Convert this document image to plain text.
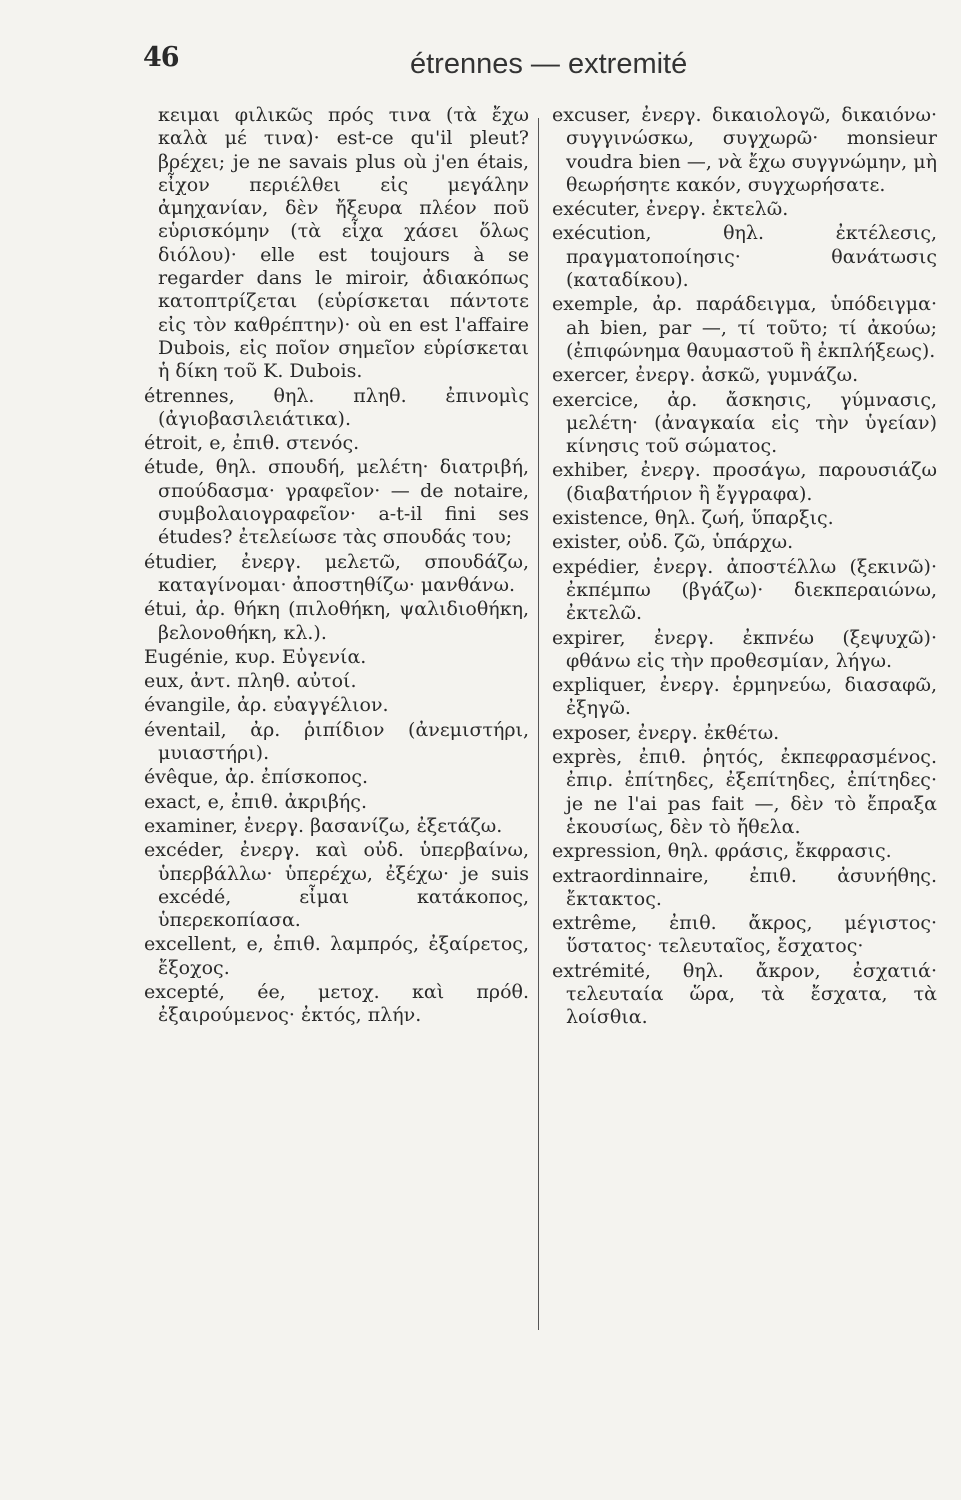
46	étrennes — extremité

κειμαι φιλικῶς πρός τινα (τὰ ἔχω καλὰ μέ τινα)· est-ce qu'il pleut? βρέχει; je ne savais plus où j'en étais, εἶχον περιέλθει εἰς μεγάλην ἀμηχανίαν, δὲν ἤξευρα πλέον ποῦ εὑρισκόμην (τὰ εἶχα χάσει ὅλως διόλου)· elle est toujours à se regarder dans le miroir, ἀδιακόπως κατοπτρίζεται (εὑρίσκεται πάντοτε εἰς τὸν καθρέπτην)· où en est l'affaire Dubois, εἰς ποῖον σημεῖον εὑρίσκεται ἡ δίκη τοῦ Κ. Dubois.

étrennes, θηλ. πληθ. ἐπινομὶς (ἀγιοβασιλειάτικα).

étroit, e, ἐπιθ. στενός.

étude, θηλ. σπουδή, μελέτη· διατριβή, σπούδασμα· γραφεῖον· — de notaire, συμβολαιογραφεῖον· a-t-il fini ses études? ἐτελείωσε τὰς σπουδάς του;

étudier, ἐνεργ. μελετῶ, σπουδάζω, καταγίνομαι· ἀποστηθίζω· μανθάνω.

étui, ἀρ. θήκη (πιλοθήκη, ψαλιδιοθήκη, βελονοθήκη, κλ.).

Eugénie, κυρ. Εὐγενία.

eux, ἀντ. πληθ. αὐτοί.

évangile, ἀρ. εὐαγγέλιον.

éventail, ἀρ. ῥιπίδιον (ἀνεμιστήρι, μυιαστήρι).

évêque, ἀρ. ἐπίσκοπος.

exact, e, ἐπιθ. ἀκριβής.

examiner, ἐνεργ. βασανίζω, ἐξετάζω.

excéder, ἐνεργ. καὶ οὐδ. ὑπερβαίνω, ὑπερβάλλω· ὑπερέχω, ἐξέχω· je suis excédé, εἶμαι κατάκοπος, ὑπερεκοπίασα.

excellent, e, ἐπιθ. λαμπρός, ἐξαίρετος, ἔξοχος.

excepté, ée, μετοχ. καὶ πρόθ. ἐξαιρούμενος· ἐκτός, πλήν.

excuser, ἐνεργ. δικαιολογῶ, δικαιόνω· συγγινώσκω, συγχωρῶ· monsieur voudra bien —, νὰ ἔχω συγγνώμην, μὴ θεωρήσητε κακόν, συγχωρήσατε.

exécuter, ἐνεργ. ἐκτελῶ.

exécution, θηλ. ἐκτέλεσις, πραγματοποίησις· θανάτωσις (καταδίκου).

exemple, ἀρ. παράδειγμα, ὑπόδειγμα· ah bien, par —, τί τοῦτο; τί ἀκούω; (ἐπιφώνημα θαυμαστοῦ ἢ ἐκπλήξεως).

exercer, ἐνεργ. ἀσκῶ, γυμνάζω.

exercice, ἀρ. ἄσκησις, γύμνασις, μελέτη· (ἀναγκαία εἰς τὴν ὑγείαν) κίνησις τοῦ σώματος.

exhiber, ἐνεργ. προσάγω, παρουσιάζω (διαβατήριον ἢ ἔγγραφα).

existence, θηλ. ζωή, ὕπαρξις.

exister, οὐδ. ζῶ, ὑπάρχω.

expédier, ἐνεργ. ἀποστέλλω (ξεκινῶ)· ἐκπέμπω (βγάζω)· διεκπεραιώνω, ἐκτελῶ.

expirer, ἐνεργ. ἐκπνέω (ξεψυχῶ)· φθάνω εἰς τὴν προθεσμίαν, λήγω.

expliquer, ἐνεργ. ἑρμηνεύω, διασαφῶ, ἐξηγῶ.

exposer, ἐνεργ. ἐκθέτω.

exprès, ἐπιθ. ῥητός, ἐκπεφρασμένος. ἐπιρ. ἐπίτηδες, ἐξεπίτηδες, ἐπίτηδες· je ne l'ai pas fait —, δὲν τὸ ἔπραξα ἑκουσίως, δὲν τὸ ἤθελα.

expression, θηλ. φράσις, ἔκφρασις.

extraordinnaire, ἐπιθ. ἀσυνήθης. ἔκτακτος.

extrême, ἐπιθ. ἄκρος, μέγιστος· ὕστατος· τελευταῖος, ἔσχατος·

extrémité, θηλ. ἄκρον, ἐσχατιά· τελευταία ὥρα, τὰ ἔσχατα, τὰ λοίσθια.
